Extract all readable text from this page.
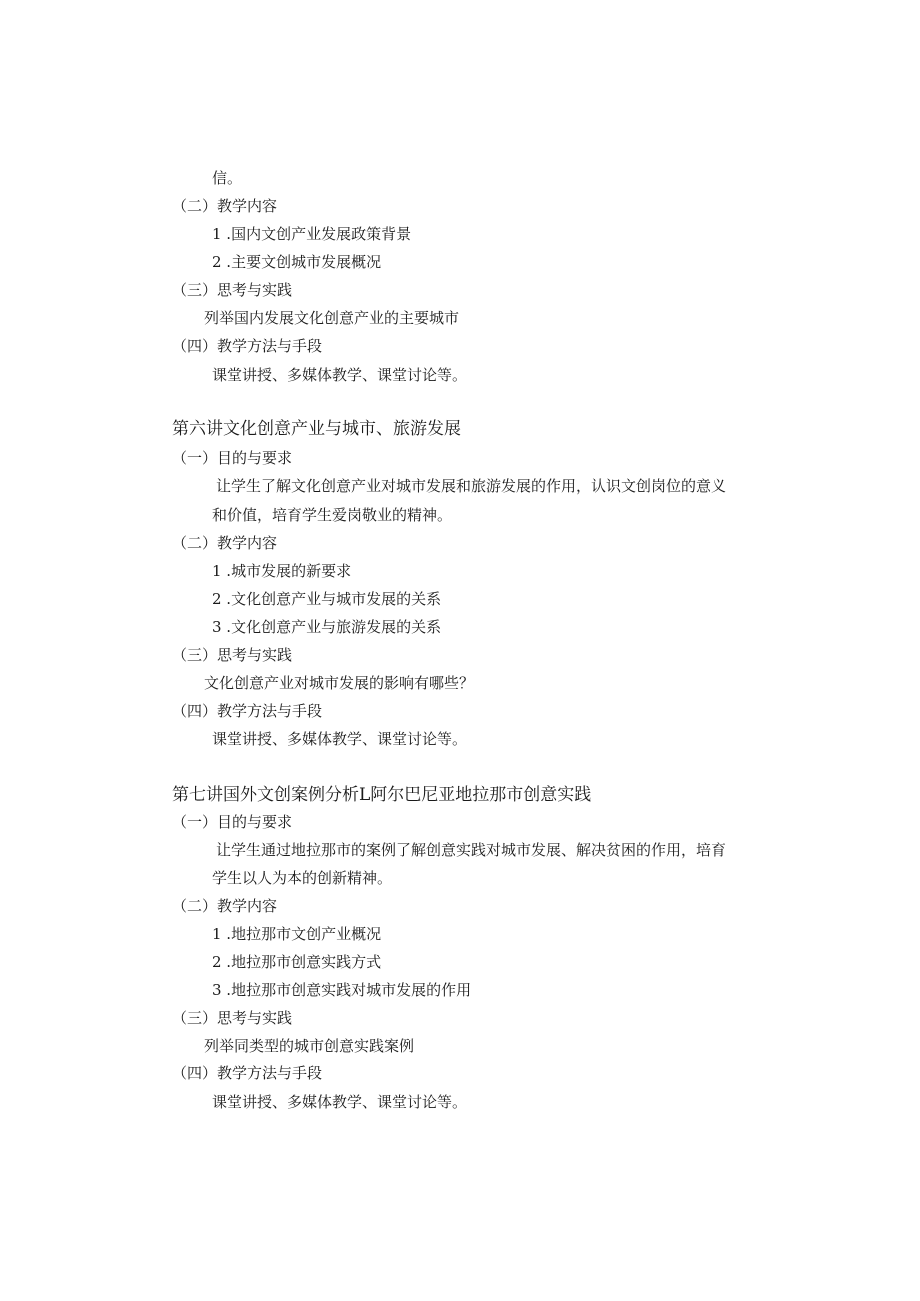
信。
（二）教学内容
1 .国内文创产业发展政策背景
2 .主要文创城市发展概况
（三）思考与实践
列举国内发展文化创意产业的主要城市
（四）教学方法与手段
课堂讲授、多媒体教学、课堂讨论等。
第六讲文化创意产业与城市、旅游发展
（一）目的与要求
让学生了解文化创意产业对城市发展和旅游发展的作用，认识文创岗位的意义
和价值，培育学生爱岗敬业的精神。
（二）教学内容
1 .城市发展的新要求
2 .文化创意产业与城市发展的关系
3 .文化创意产业与旅游发展的关系
（三）思考与实践
文化创意产业对城市发展的影响有哪些？
（四）教学方法与手段
课堂讲授、多媒体教学、课堂讨论等。
第七讲国外文创案例分析L阿尔巴尼亚地拉那市创意实践
（一）目的与要求
让学生通过地拉那市的案例了解创意实践对城市发展、解决贫困的作用，培育
学生以人为本的创新精神。
（二）教学内容
1 .地拉那市文创产业概况
2 .地拉那市创意实践方式
3 .地拉那市创意实践对城市发展的作用
（三）思考与实践
列举同类型的城市创意实践案例
（四）教学方法与手段
课堂讲授、多媒体教学、课堂讨论等。
